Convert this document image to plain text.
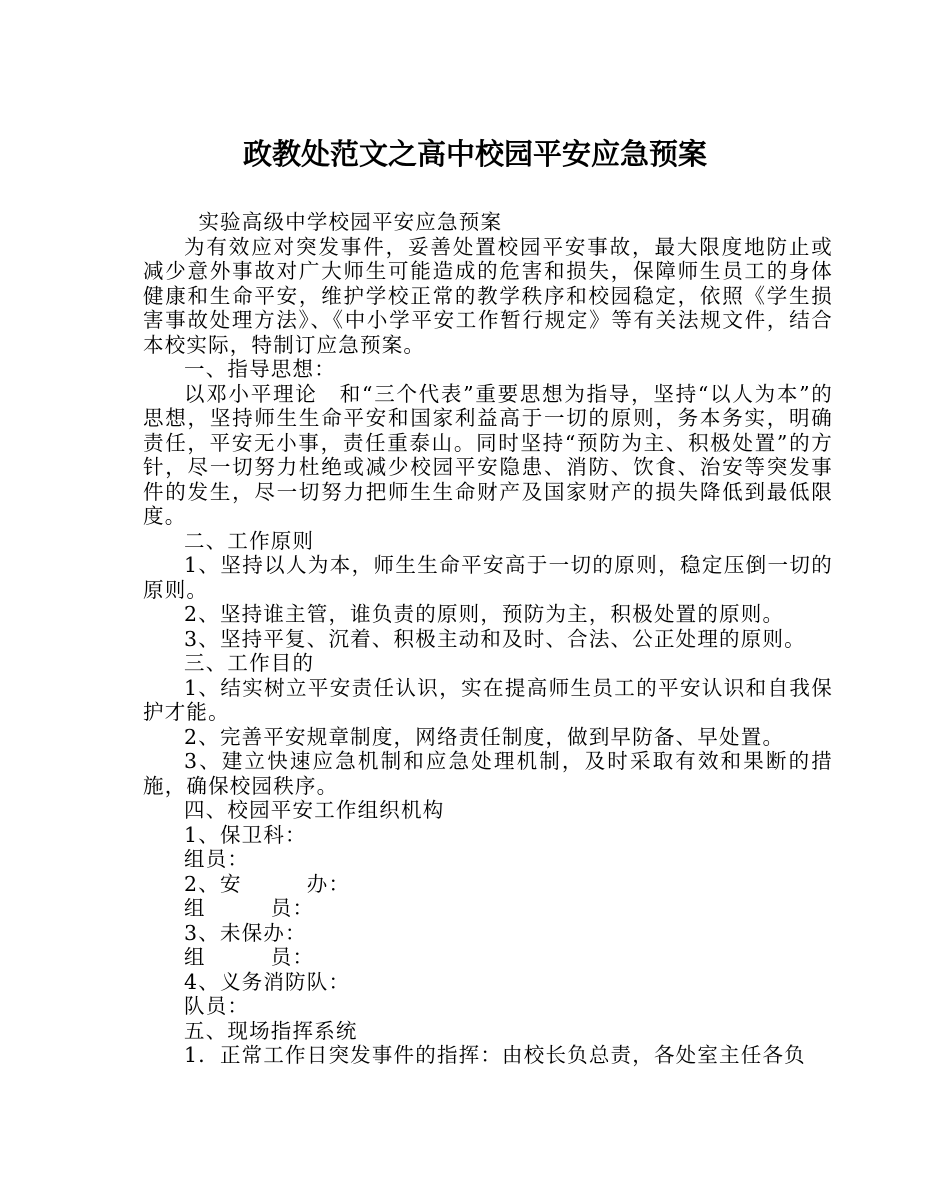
政教处范文之高中校园平安应急预案

实验高级中学校园平安应急预案

为有效应对突发事件，妥善处置校园平安事故，最大限度地防止或减少意外事故对广大师生可能造成的危害和损失，保障师生员工的身体健康和生命平安，维护学校正常的教学秩序和校园稳定，依照《学生损害事故处理方法》、《中小学平安工作暂行规定》等有关法规文件，结合本校实际，特制订应急预案。

一、指导思想：

以邓小平理论　和“三个代表”重要思想为指导，坚持“以人为本”的思想，坚持师生生命平安和国家利益高于一切的原则，务本务实，明确责任，平安无小事，责任重泰山。同时坚持“预防为主、积极处置”的方针，尽一切努力杜绝或减少校园平安隐患、消防、饮食、治安等突发事件的发生，尽一切努力把师生生命财产及国家财产的损失降低到最低限度。

二、工作原则

1、坚持以人为本，师生生命平安高于一切的原则，稳定压倒一切的原则。

2、坚持谁主管，谁负责的原则，预防为主，积极处置的原则。

3、坚持平复、沉着、积极主动和及时、合法、公正处理的原则。

三、工作目的

1、结实树立平安责任认识，实在提高师生员工的平安认识和自我保护才能。

2、完善平安规章制度，网络责任制度，做到早防备、早处置。

3、建立快速应急机制和应急处理机制，及时采取有效和果断的措施，确保校园秩序。

四、校园平安工作组织机构

1、保卫科：

组员：

2、安　　　办：

组　　　员：

3、未保办：

组　　　员：

4、义务消防队：

队员：

五、现场指挥系统

1．正常工作日突发事件的指挥：由校长负总责，各处室主任各负
